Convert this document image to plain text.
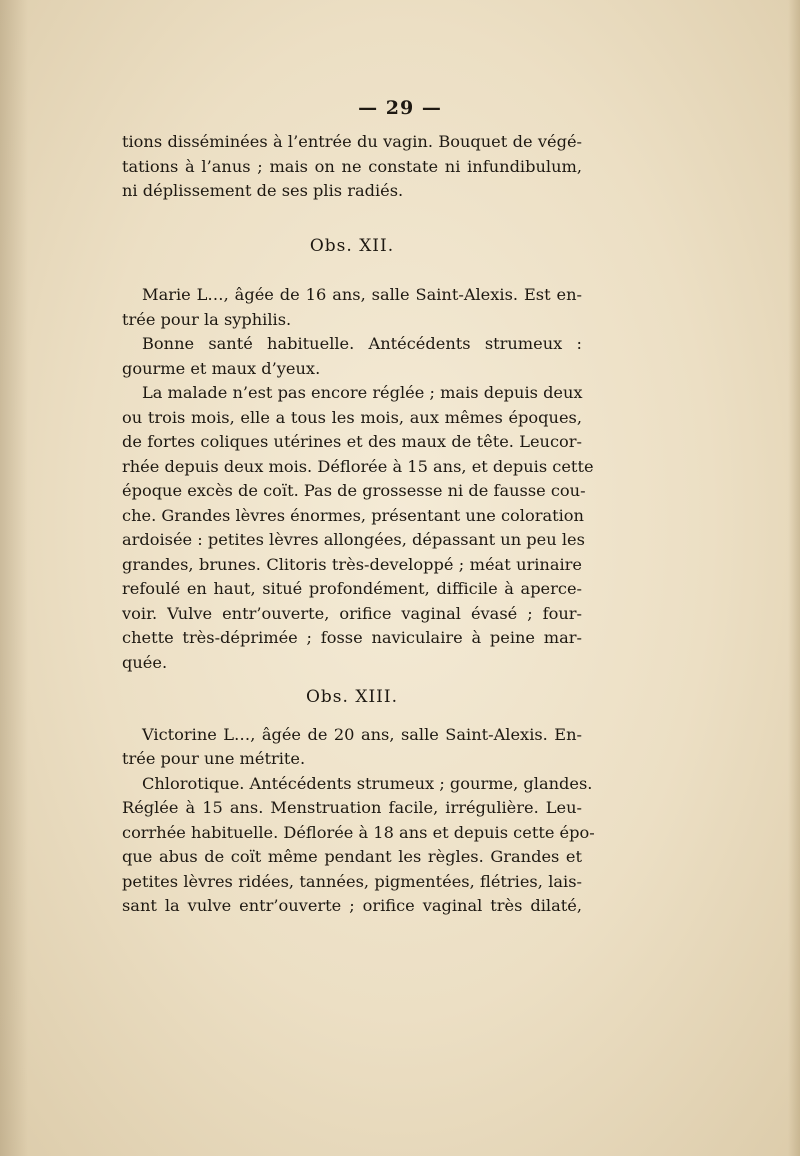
— 29 —
tions disséminées à l’entrée du vagin. Bouquet de végé-
tations à l’anus ; mais on ne constate ni infundibulum,
ni déplissement de ses plis radiés.
Obs. XII.
Marie L…, âgée de 16 ans, salle Saint-Alexis. Est en-
trée pour la syphilis.
Bonne santé habituelle. Antécédents strumeux :
gourme et maux d’yeux.
La malade n’est pas encore réglée ; mais depuis deux
ou trois mois, elle a tous les mois, aux mêmes époques,
de fortes coliques utérines et des maux de tête. Leucor-
rhée depuis deux mois. Déflorée à 15 ans, et depuis cette
époque excès de coït. Pas de grossesse ni de fausse cou-
che. Grandes lèvres énormes, présentant une coloration
ardoisée : petites lèvres allongées, dépassant un peu les
grandes, brunes. Clitoris très-developpé ; méat urinaire
refoulé en haut, situé profondément, difficile à aperce-
voir. Vulve entr’ouverte, orifice vaginal évasé ; four-
chette très-déprimée ; fosse naviculaire à peine mar-
quée.
Obs. XIII.
Victorine L…, âgée de 20 ans, salle Saint-Alexis. En-
trée pour une métrite.
Chlorotique. Antécédents strumeux ; gourme, glandes.
Réglée à 15 ans. Menstruation facile, irrégulière. Leu-
corrhée habituelle. Déflorée à 18 ans et depuis cette épo-
que abus de coït même pendant les règles. Grandes et
petites lèvres ridées, tannées, pigmentées, flétries, lais-
sant la vulve entr’ouverte ; orifice vaginal très dilaté,
